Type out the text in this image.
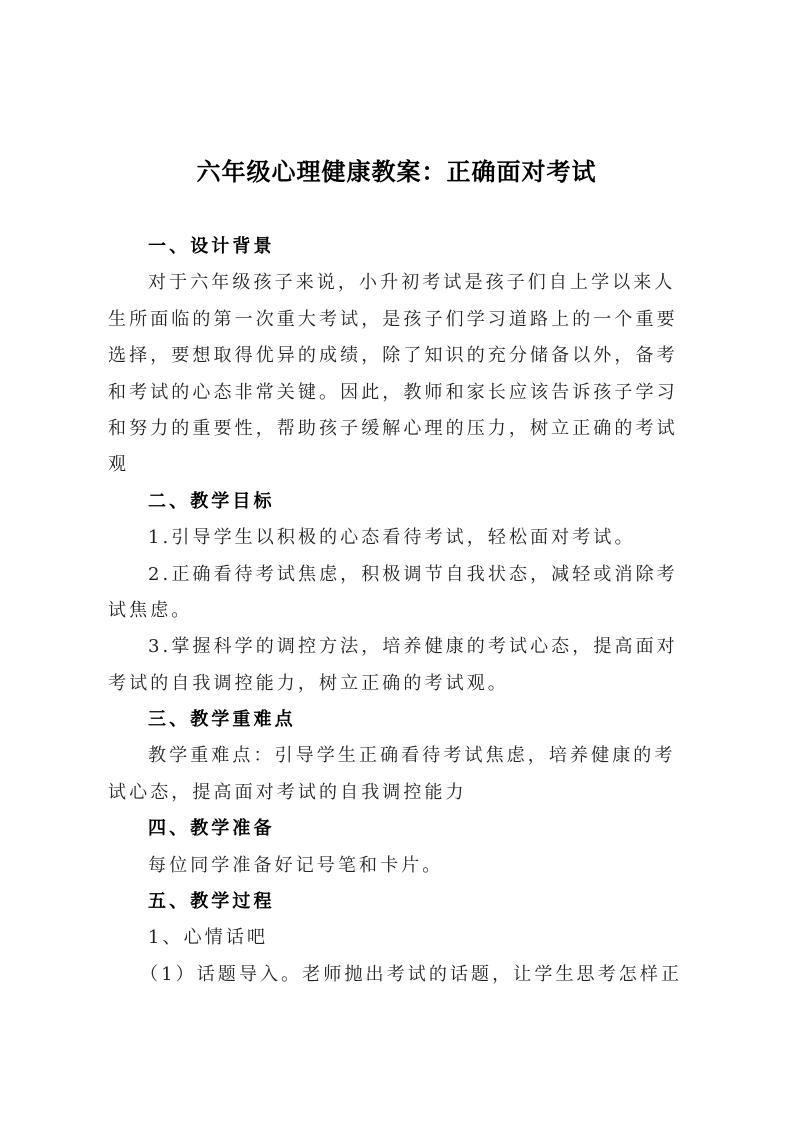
六年级心理健康教案：正确面对考试
一、设计背景
对于六年级孩子来说，小升初考试是孩子们自上学以来人
生所面临的第一次重大考试，是孩子们学习道路上的一个重要
选择，要想取得优异的成绩，除了知识的充分储备以外，备考
和考试的心态非常关键。因此，教师和家长应该告诉孩子学习
和努力的重要性，帮助孩子缓解心理的压力，树立正确的考试
观
二、教学目标
1.引导学生以积极的心态看待考试，轻松面对考试。
2.正确看待考试焦虑，积极调节自我状态，减轻或消除考
试焦虑。
3.掌握科学的调控方法，培养健康的考试心态，提高面对
考试的自我调控能力，树立正确的考试观。
三、教学重难点
教学重难点：引导学生正确看待考试焦虑，培养健康的考
试心态，提高面对考试的自我调控能力
四、教学准备
每位同学准备好记号笔和卡片。
五、教学过程
1、心情话吧
（1）话题导入。老师抛出考试的话题，让学生思考怎样正
